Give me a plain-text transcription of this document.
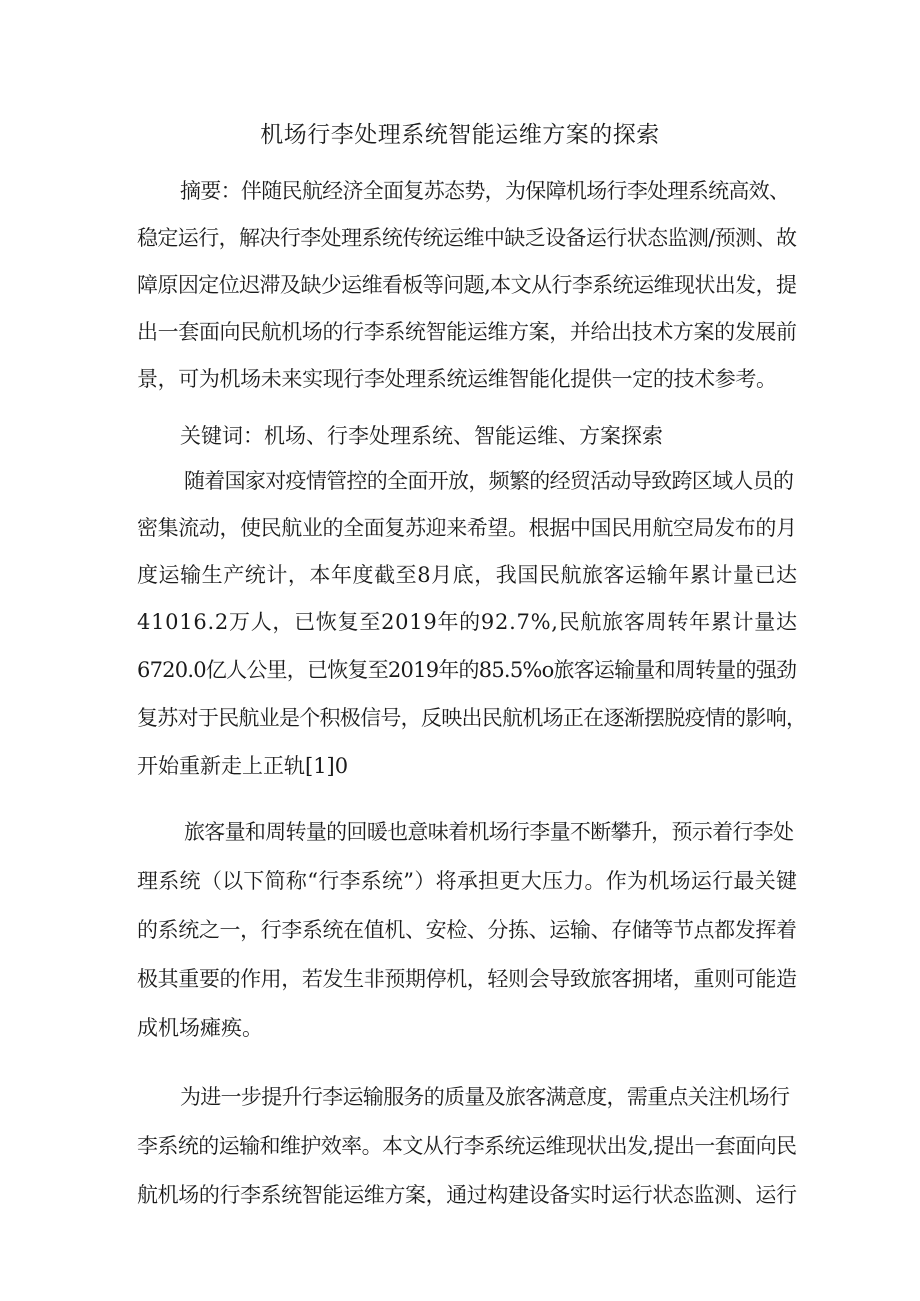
机场行李处理系统智能运维方案的探索
摘要：伴随民航经济全面复苏态势，为保障机场行李处理系统高效、
稳定运行，解决行李处理系统传统运维中缺乏设备运行状态监测/预测、故
障原因定位迟滞及缺少运维看板等问题,本文从行李系统运维现状出发，提
出一套面向民航机场的行李系统智能运维方案，并给出技术方案的发展前
景，可为机场未来实现行李处理系统运维智能化提供一定的技术参考。
关键词：机场、行李处理系统、智能运维、方案探索
随着国家对疫情管控的全面开放，频繁的经贸活动导致跨区域人员的
密集流动，使民航业的全面复苏迎来希望。根据中国民用航空局发布的月
度运输生产统计，本年度截至8月底，我国民航旅客运输年累计量已达
41016.2万人，已恢复至2019年的92.7%,民航旅客周转年累计量达
6720.0亿人公里，已恢复至2019年的85.5%o旅客运输量和周转量的强劲
复苏对于民航业是个积极信号，反映出民航机场正在逐渐摆脱疫情的影响，
开始重新走上正轨[1]0
旅客量和周转量的回暖也意味着机场行李量不断攀升，预示着行李处
理系统（以下简称“行李系统”）将承担更大压力。作为机场运行最关键
的系统之一，行李系统在值机、安检、分拣、运输、存储等节点都发挥着
极其重要的作用，若发生非预期停机，轻则会导致旅客拥堵，重则可能造
成机场瘫痪。
为进一步提升行李运输服务的质量及旅客满意度，需重点关注机场行
李系统的运输和维护效率。本文从行李系统运维现状出发,提出一套面向民
航机场的行李系统智能运维方案，通过构建设备实时运行状态监测、运行
